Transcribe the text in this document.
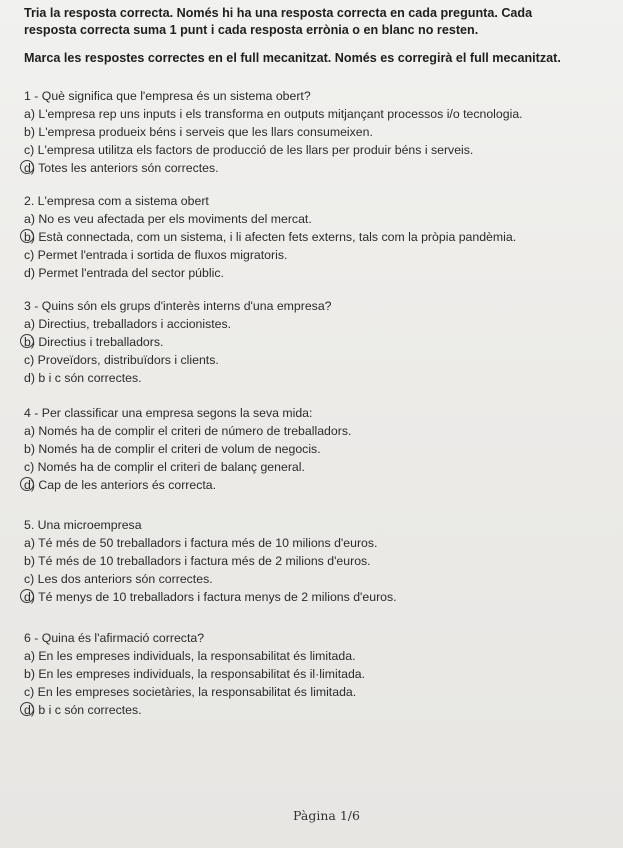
Tria la resposta correcta. Només hi ha una resposta correcta en cada pregunta. Cada
resposta correcta suma 1 punt i cada resposta errònia o en blanc no resten.
Marca les respostes correctes en el full mecanitzat. Només es corregirà el full mecanitzat.
1 - Què significa que l'empresa és un sistema obert?
a) L'empresa rep uns inputs i els transforma en outputs mitjançant processos i/o tecnologia.
b) L'empresa produeix béns i serveis que les llars consumeixen.
c) L'empresa utilitza els factors de producció de les llars per produir béns i serveis.
d) Totes les anteriors són correctes.
2. L'empresa com a sistema obert
a) No es veu afectada per els moviments del mercat.
b) Està connectada, com un sistema, i li afecten fets externs, tals com la pròpia pandèmia.
c) Permet l'entrada i sortida de fluxos migratoris.
d) Permet l'entrada del sector públic.
3 - Quins són els grups d'interès interns d'una empresa?
a) Directius, treballadors i accionistes.
b) Directius i treballadors.
c) Proveïdors, distribuïdors i clients.
d) b i c són correctes.
4 - Per classificar una empresa segons la seva mida:
a) Només ha de complir el criteri de número de treballadors.
b) Només ha de complir el criteri de volum de negocis.
c) Només ha de complir el criteri de balanç general.
d) Cap de les anteriors és correcta.
5. Una microempresa
a) Té més de 50 treballadors i factura més de 10 milions d'euros.
b) Té més de 10 treballadors i factura més de 2 milions d'euros.
c) Les dos anteriors són correctes.
d) Té menys de 10 treballadors i factura menys de 2 milions d'euros.
6 - Quina és l'afirmació correcta?
a) En les empreses individuals, la responsabilitat és limitada.
b) En les empreses individuals, la responsabilitat és il·limitada.
c) En les empreses societàries, la responsabilitat és limitada.
d) b i c són correctes.
Pàgina 1/6
